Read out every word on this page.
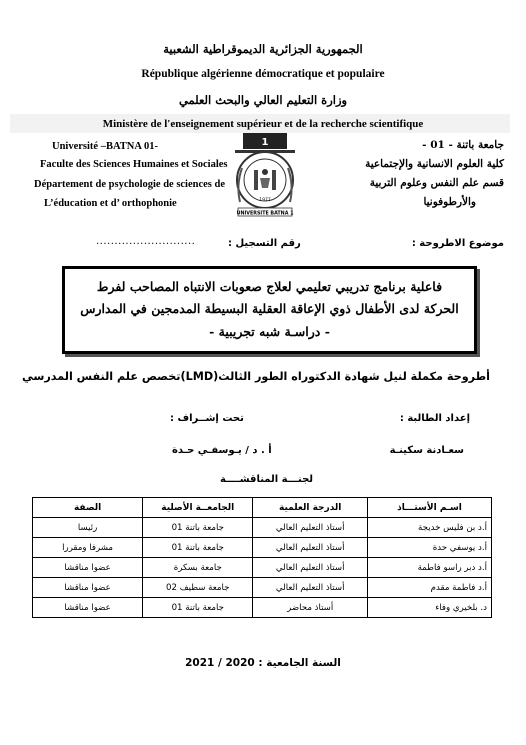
الجمهورية الجزائرية الديموقراطية الشعبية
République algérienne démocratique et populaire
وزارة التعليم العالي والبحث العلمي
Ministère de l'enseignement supérieur et de la recherche scientifique
Université –BATNA 01-
Faculte des Sciences Humaines et Sociales
Département de psychologie de sciences de
L’éducation et d’ orthophonie
جامعة باتنة - 01 -
كلية العلوم الانسانية والإجتماعية
قسم علم النفس وعلوم التربية
والأرطوفونيا
1
1977
UNIVERSITE BATNA 1
موضوع الاطروحة :
رقم التسجيل :
...........................
فاعلية برنامج تدريبي تعليمي لعلاج صعوبات الانتباه المصاحب لفرط
الحركة لدى الأطفال ذوي الإعاقة العقلية البسيطة المدمجين في المدارس
- دراسـة شبه تجريبية -
أطروحة مكملة لنيل شهادة الدكتوراه الطور الثالث(LMD)تخصص علم النفس المدرسي
إعداد الطالبة :
تحت إشــراف :
سعـادنة سكينـة
أ . د / يـوسفـي حـدة
لجنـــة المناقشــــة
اسـم الأستـــاذ	الدرجة العلمية	الجامعــة الأصلية	الصفة
أ.د بن فليس خديجة	أستاذ التعليم العالي	جامعة باتنة 01	رئيسا
أ.د يوسفي حدة	أستاذ التعليم العالي	جامعة باتنة 01	مشرفا ومقررا
أ.د دبر راسو فاطمة	أستاذ التعليم العالي	جامعة بسكرة	عضوا مناقشا
أ.د فاطمة مقدم	أستاذ التعليم العالي	جامعة سطيف 02	عضوا مناقشا
د. بلخيري وفاء	أستاذ محاضر	جامعة باتنة 01	عضوا مناقشا
السنة الجامعية : 2020 / 2021
